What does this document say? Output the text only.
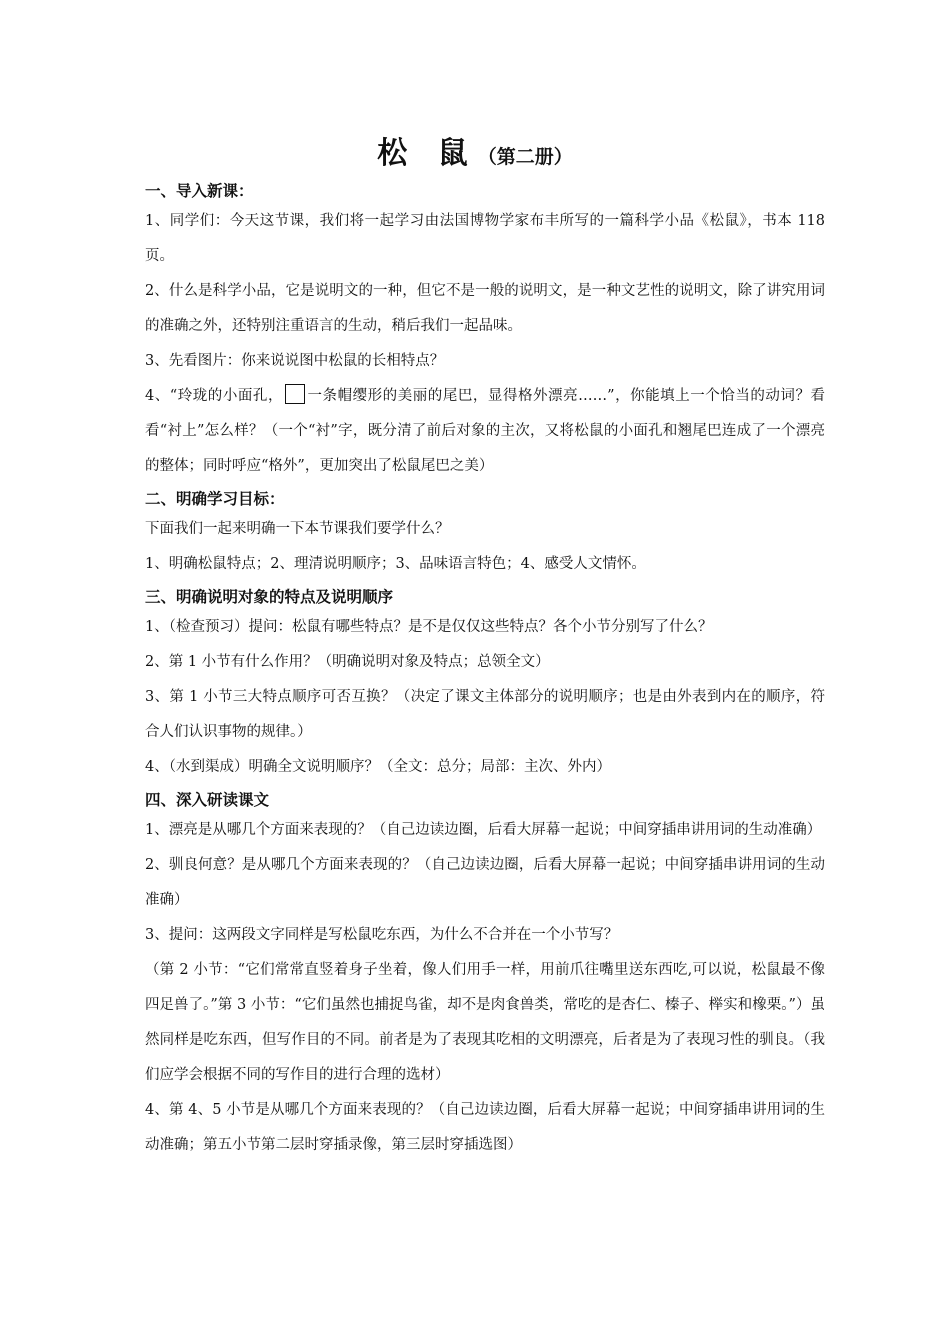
松 鼠（第二册）
一、导入新课：
1、同学们：今天这节课，我们将一起学习由法国博物学家布丰所写的一篇科学小品《松鼠》，书本 118 页。
2、什么是科学小品，它是说明文的一种，但它不是一般的说明文，是一种文艺性的说明文，除了讲究用词的准确之外，还特别注重语言的生动，稍后我们一起品味。
3、先看图片：你来说说图中松鼠的长相特点？
4、“玲珑的小面孔， 一条帽缨形的美丽的尾巴，显得格外漂亮……”，你能填上一个恰当的动词？看看“衬上”怎么样？（一个“衬”字，既分清了前后对象的主次，又将松鼠的小面孔和翘尾巴连成了一个漂亮的整体；同时呼应“格外”，更加突出了松鼠尾巴之美）
二、明确学习目标：
下面我们一起来明确一下本节课我们要学什么？
1、明确松鼠特点；2、理清说明顺序；3、品味语言特色；4、感受人文情怀。
三、明确说明对象的特点及说明顺序
1、（检查预习）提问：松鼠有哪些特点？是不是仅仅这些特点？各个小节分别写了什么？
2、第 1 小节有什么作用？（明确说明对象及特点；总领全文）
3、第 1 小节三大特点顺序可否互换？（决定了课文主体部分的说明顺序；也是由外表到内在的顺序，符合人们认识事物的规律。）
4、（水到渠成）明确全文说明顺序？（全文：总分；局部：主次、外内）
四、深入研读课文
1、漂亮是从哪几个方面来表现的？（自己边读边圈，后看大屏幕一起说；中间穿插串讲用词的生动准确）
2、驯良何意？是从哪几个方面来表现的？（自己边读边圈，后看大屏幕一起说；中间穿插串讲用词的生动准确）
3、提问：这两段文字同样是写松鼠吃东西，为什么不合并在一个小节写？
（第 2 小节：“它们常常直竖着身子坐着，像人们用手一样，用前爪往嘴里送东西吃,可以说，松鼠最不像四足兽了。”第 3 小节：“它们虽然也捕捉鸟雀，却不是肉食兽类，常吃的是杏仁、榛子、榉实和橡栗。”）虽然同样是吃东西，但写作目的不同。前者是为了表现其吃相的文明漂亮，后者是为了表现习性的驯良。（我们应学会根据不同的写作目的进行合理的选材）
4、第 4、5 小节是从哪几个方面来表现的？（自己边读边圈，后看大屏幕一起说；中间穿插串讲用词的生动准确；第五小节第二层时穿插录像，第三层时穿插选图）
